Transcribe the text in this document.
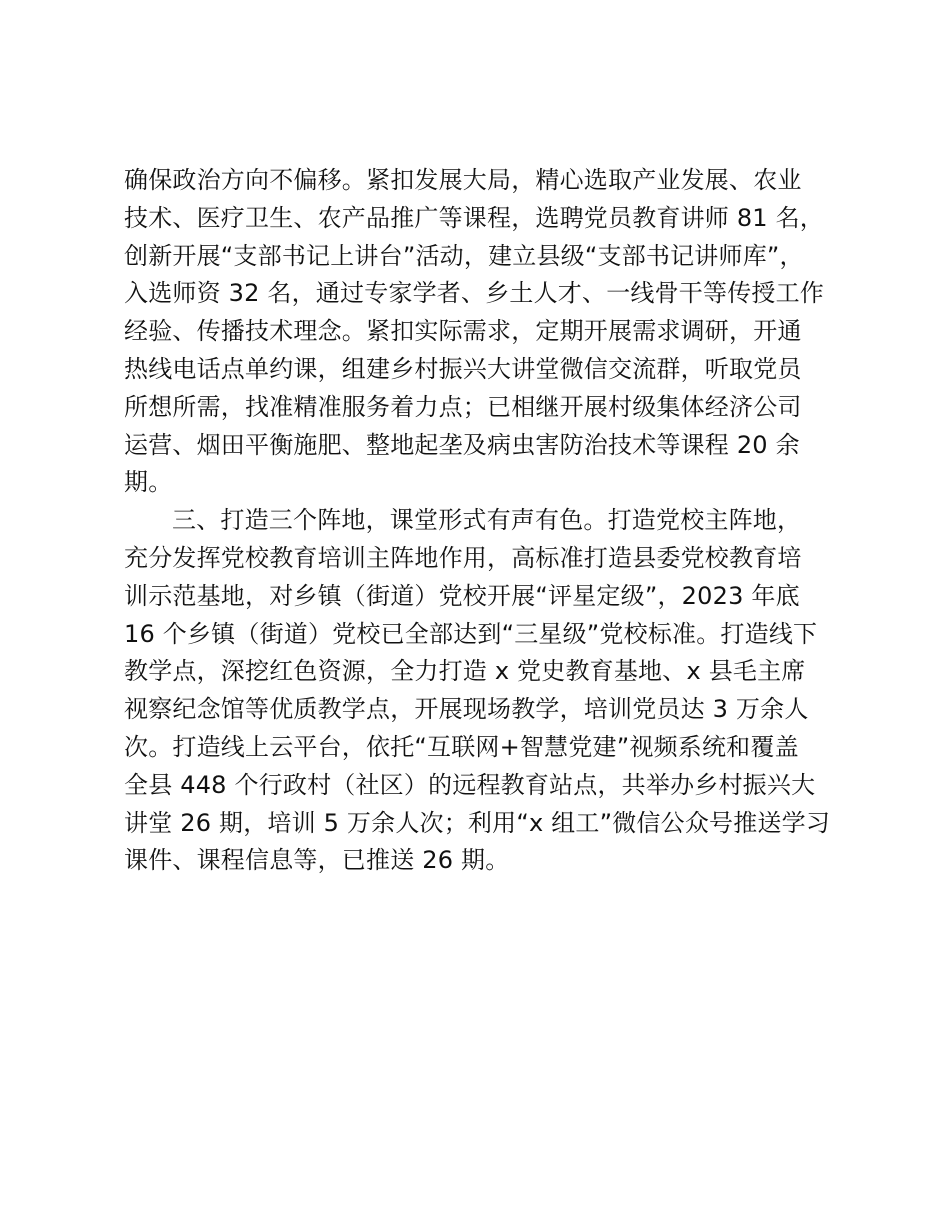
确保政治方向不偏移。紧扣发展大局，精心选取产业发展、农业
技术、医疗卫生、农产品推广等课程，选聘党员教育讲师 81 名，
创新开展“支部书记上讲台”活动，建立县级“支部书记讲师库”，
入选师资 32 名，通过专家学者、乡土人才、一线骨干等传授工作
经验、传播技术理念。紧扣实际需求，定期开展需求调研，开通
热线电话点单约课，组建乡村振兴大讲堂微信交流群，听取党员
所想所需，找准精准服务着力点；已相继开展村级集体经济公司
运营、烟田平衡施肥、整地起垄及病虫害防治技术等课程 20 余
期。
三、打造三个阵地，课堂形式有声有色。打造党校主阵地，
充分发挥党校教育培训主阵地作用，高标准打造县委党校教育培
训示范基地，对乡镇（街道）党校开展“评星定级”，2023 年底
16 个乡镇（街道）党校已全部达到“三星级”党校标准。打造线下
教学点，深挖红色资源，全力打造 x 党史教育基地、x 县毛主席
视察纪念馆等优质教学点，开展现场教学，培训党员达 3 万余人
次。打造线上云平台，依托“互联网+智慧党建”视频系统和覆盖
全县 448 个行政村（社区）的远程教育站点，共举办乡村振兴大
讲堂 26 期，培训 5 万余人次；利用“x 组工”微信公众号推送学习
课件、课程信息等，已推送 26 期。
